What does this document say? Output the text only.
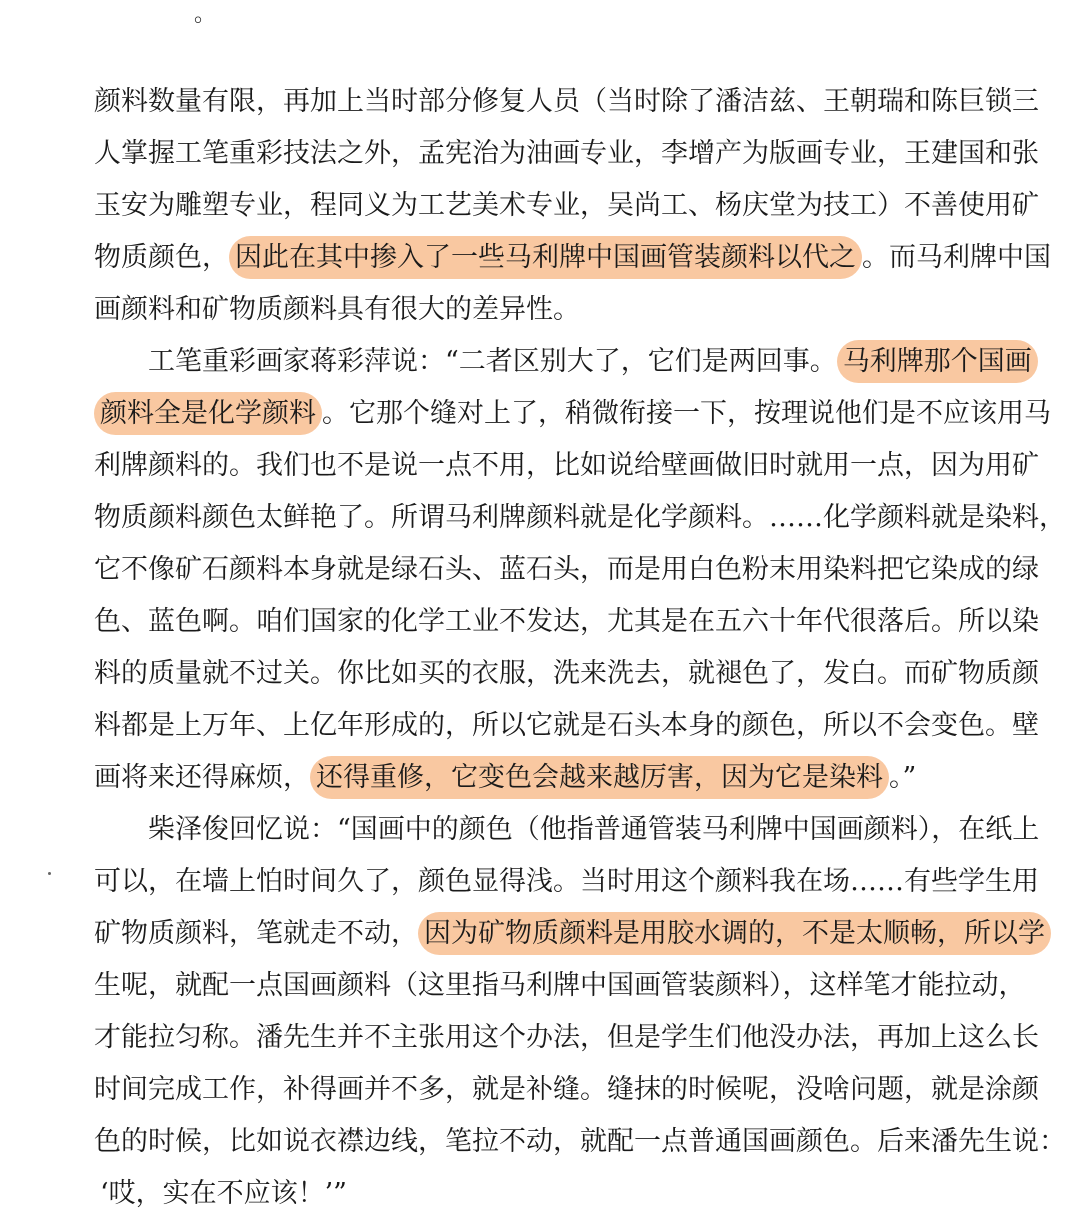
。
颜料数量有限，再加上当时部分修复人员（当时除了潘洁兹、王朝瑞和陈巨锁三
人掌握工笔重彩技法之外，孟宪治为油画专业，李增产为版画专业，王建国和张
玉安为雕塑专业，程同义为工艺美术专业，吴尚工、杨庆堂为技工）不善使用矿
物质颜色， 因此在其中掺入了一些马利牌中国画管装颜料以代之 。而马利牌中国
画颜料和矿物质颜料具有很大的差异性。
工笔重彩画家蒋彩萍说：“二者区别大了，它们是两回事。 马利牌那个国画
颜料全是化学颜料 。它那个缝对上了，稍微衔接一下，按理说他们是不应该用马
利牌颜料的。我们也不是说一点不用，比如说给壁画做旧时就用一点，因为用矿
物质颜料颜色太鲜艳了。所谓马利牌颜料就是化学颜料。……化学颜料就是染料，
它不像矿石颜料本身就是绿石头、蓝石头，而是用白色粉末用染料把它染成的绿
色、蓝色啊。咱们国家的化学工业不发达，尤其是在五六十年代很落后。所以染
料的质量就不过关。你比如买的衣服，洗来洗去，就褪色了，发白。而矿物质颜
料都是上万年、上亿年形成的，所以它就是石头本身的颜色，所以不会变色。壁
画将来还得麻烦， 还得重修，它变色会越来越厉害，因为它是染料 。”
柴泽俊回忆说：“国画中的颜色（他指普通管装马利牌中国画颜料），在纸上
可以，在墙上怕时间久了，颜色显得浅。当时用这个颜料我在场……有些学生用
矿物质颜料，笔就走不动， 因为矿物质颜料是用胶水调的，不是太顺畅，所以学
生呢，就配一点国画颜料（这里指马利牌中国画管装颜料），这样笔才能拉动，
才能拉匀称。潘先生并不主张用这个办法，但是学生们他没办法，再加上这么长
时间完成工作，补得画并不多，就是补缝。缝抹的时候呢，没啥问题，就是涂颜
色的时候，比如说衣襟边线，笔拉不动，就配一点普通国画颜色。后来潘先生说：
‘哎，实在不应该！’”
